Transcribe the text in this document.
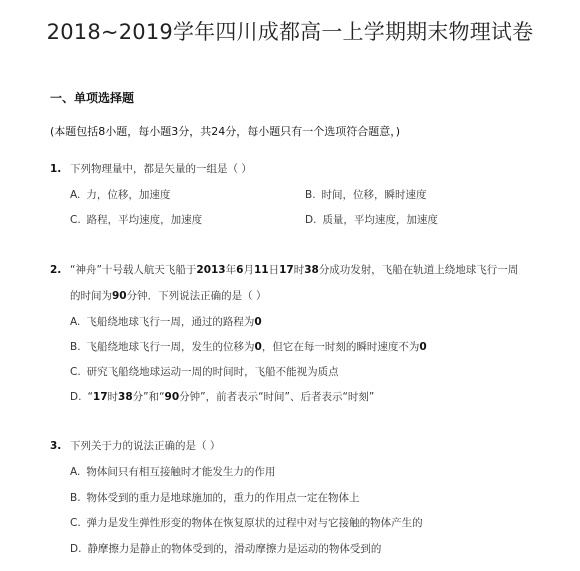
2018~2019学年四川成都高一上学期期末物理试卷
一、单项选择题
(本题包括8小题，每小题3分，共24分，每小题只有一个选项符合题意，)
1. 下列物理量中，都是矢量的一组是（ ）
A. 力，位移，加速度	B. 时间，位移，瞬时速度
C. 路程，平均速度，加速度	D. 质量，平均速度，加速度
2. “神舟”十号载人航天飞船于2013年6月11日17时38分成功发射，飞船在轨道上绕地球飞行一周
的时间为90分钟．下列说法正确的是（ ）
A. 飞船绕地球飞行一周，通过的路程为0
B. 飞船绕地球飞行一周，发生的位移为0，但它在每一时刻的瞬时速度不为0
C. 研究飞船绕地球运动一周的时间时，飞船不能视为质点
D. “17时38分”和“90分钟”，前者表示“时间”、后者表示“时刻”
3. 下列关于力的说法正确的是（ ）
A. 物体间只有相互接触时才能发生力的作用
B. 物体受到的重力是地球施加的，重力的作用点一定在物体上
C. 弹力是发生弹性形变的物体在恢复原状的过程中对与它接触的物体产生的
D. 静摩擦力是静止的物体受到的，滑动摩擦力是运动的物体受到的
